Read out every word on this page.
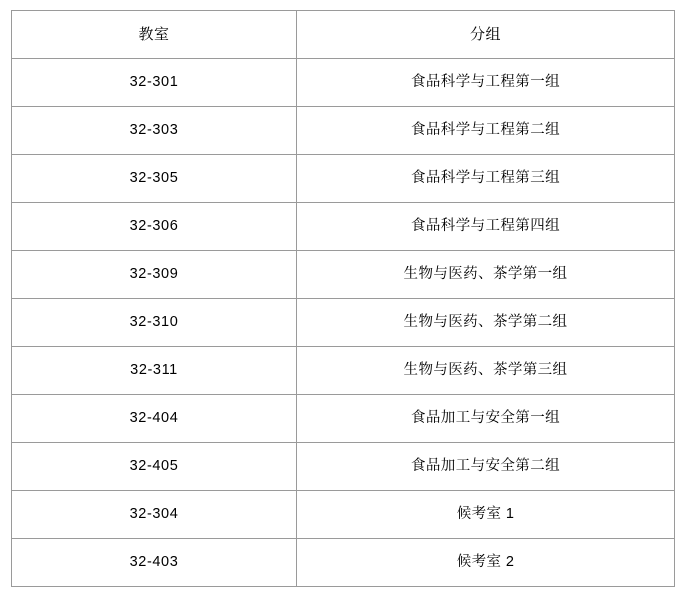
教室	分组
32-301	食品科学与工程第一组
32-303	食品科学与工程第二组
32-305	食品科学与工程第三组
32-306	食品科学与工程第四组
32-309	生物与医药、茶学第一组
32-310	生物与医药、茶学第二组
32-311	生物与医药、茶学第三组
32-404	食品加工与安全第一组
32-405	食品加工与安全第二组
32-304	候考室 1
32-403	候考室 2
